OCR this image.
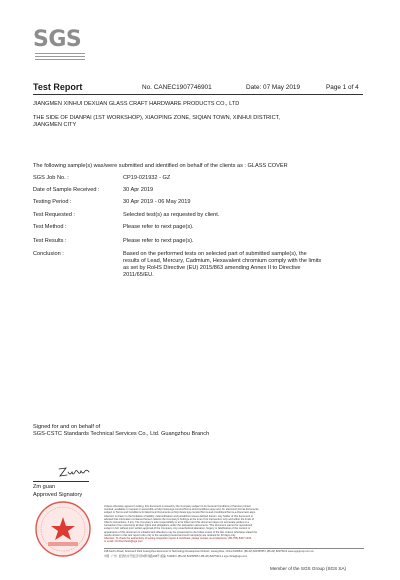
SGS
Test Report	No. CANEC1907746901	Date: 07 May 2019	Page 1 of 4
JIANGMEN XINHUI DEXUAN GLASS CRAFT HARDWARE PRODUCTS CO., LTD
THE SIDE OF DIANPAI (1ST WORKSHOP), XIAOPING ZONE, SIQIAN TOWN, XINHUI DISTRICT,
JIANGMEN CITY
The following sample(s) was/were submitted and identified on behalf of the clients as : GLASS COVER
SGS Job No. :	CP19-021932 - GZ
Date of Sample Received :	30 Apr 2019
Testing Period :	30 Apr 2019 - 06 May 2019
Test Requested :	Selected test(s) as requested by client.
Test Method :	Please refer to next page(s).
Test Results :	Please refer to next page(s).
Conclusion :	Based on the performed tests on selected part of submitted sample(s), the
results of Lead, Mercury, Cadmium, Hexavalent chromium comply with the limits
as set by RoHS Directive (EU) 2015/863 amending Annex II to Directive
2011/65/EU.
Signed for and on behalf of
SGS-CSTC Standards Technical Services Co., Ltd. Guangzhou Branch
Zm guan
Approved Signatory
Unless otherwise agreed in writing, this document is issued by the Company subject to its General Conditions of Service printed
overleaf, available on request or accessible at http://www.sgs.com/en/Terms-and-Conditions.aspx and, for electronic format documents,
subject to Terms and Conditions for Electronic Documents at http://www.sgs.com/en/Terms-and-Conditions/Terms-e-Document.aspx.
Attention is drawn to the limitation of liability, indemnification and jurisdiction issues defined therein. Any holder of this document is
advised that information contained hereon reflects the Company's findings at the time of its intervention only and within the limits of
Client's instructions, if any. The Company's sole responsibility is to its Client and this document does not exonerate parties to a
transaction from exercising all their rights and obligations under the transaction documents. This document cannot be reproduced
except in full, without prior written approval of the Company. Any unauthorized alteration, forgery or falsification of the content or
appearance of this document is unlawful and offenders may be prosecuted to the fullest extent of the law. Unless otherwise stated the
results shown in this test report refer only to the sample(s) tested and such sample(s) are retained for 30 days only.
Attention: To check the authenticity of testing /inspection report & certificate, please contact us at telephone: (86-755) 8307 1443,
or email: CN.Doccheck@sgs.com
198 Kezhu Road, Scientech Park Guangzhou Economic & Technology Development District, Guangzhou, China 510663 t (86-20) 82155555 f (86-20) 82075113 www.sgsgroup.com.cn
中国 · 广州 · 经济技术开发区科学城科珠路198号 邮编: 510663 t (86-20) 82155555 f (86-20) 82075113 e sgs.china@sgs.com
Member of the SGS Group (SGS SA)
